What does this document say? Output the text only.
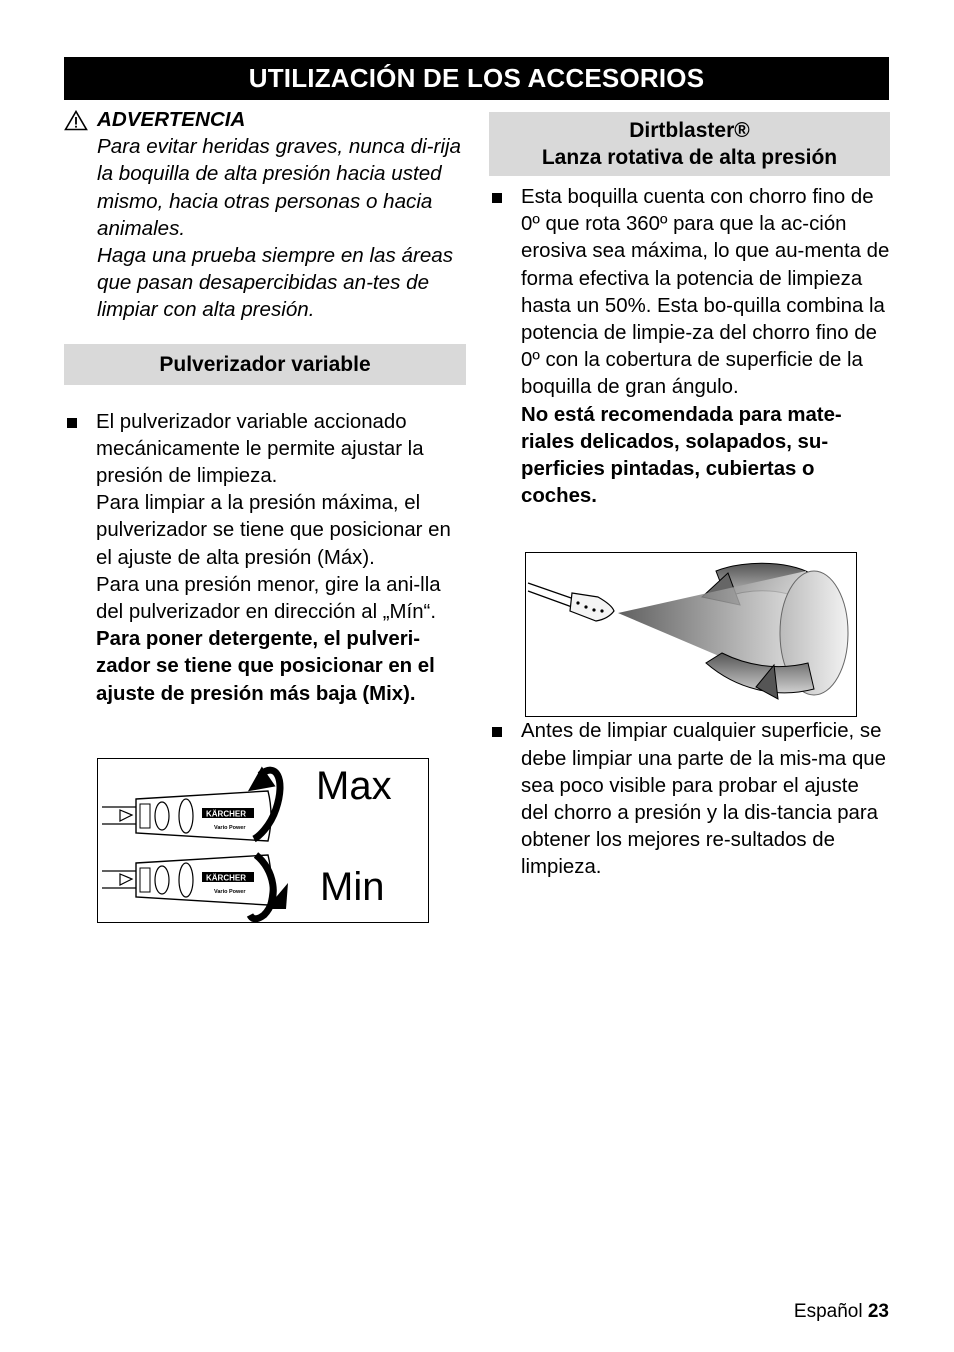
UTILIZACIÓN DE LOS ACCESORIOS
ADVERTENCIA

Para evitar heridas graves, nunca di-rija la boquilla de alta presión hacia usted mismo, hacia otras personas o hacia animales.

Haga una prueba siempre en las áreas que pasan desapercibidas an-tes de limpiar con alta presión.

Pulverizador variable

El pulverizador variable accionado mecánicamente le permite ajustar la presión de limpieza.

Para limpiar a la presión máxima, el pulverizador se tiene que posicionar en el ajuste de alta presión (Máx).

Para una presión menor, gire la ani-lla del pulverizador en dirección al „Mín“.

Para poner detergente, el pulveri-zador se tiene que posicionar en el ajuste de presión más baja (Mix).

KÄRCHER
Vario Power
KÄRCHER
Vario Power
Max
Min
Dirtblaster®
Lanza rotativa de alta presión

Esta boquilla cuenta con chorro fino de 0º que rota 360º para que la ac-ción erosiva sea máxima, lo que au-menta de forma efectiva la potencia de limpieza hasta un 50%. Esta bo-quilla combina la potencia de limpie-za del chorro fino de 0º con la cobertura de superficie de la boquilla de gran ángulo.

No está recomendada para mate-riales delicados, solapados, su-perficies pintadas, cubiertas o coches.

Antes de limpiar cualquier superficie, se debe limpiar una parte de la mis-ma que sea poco visible para probar el ajuste del chorro a presión y la dis-tancia para obtener los mejores re-sultados de limpieza.

Español 23
